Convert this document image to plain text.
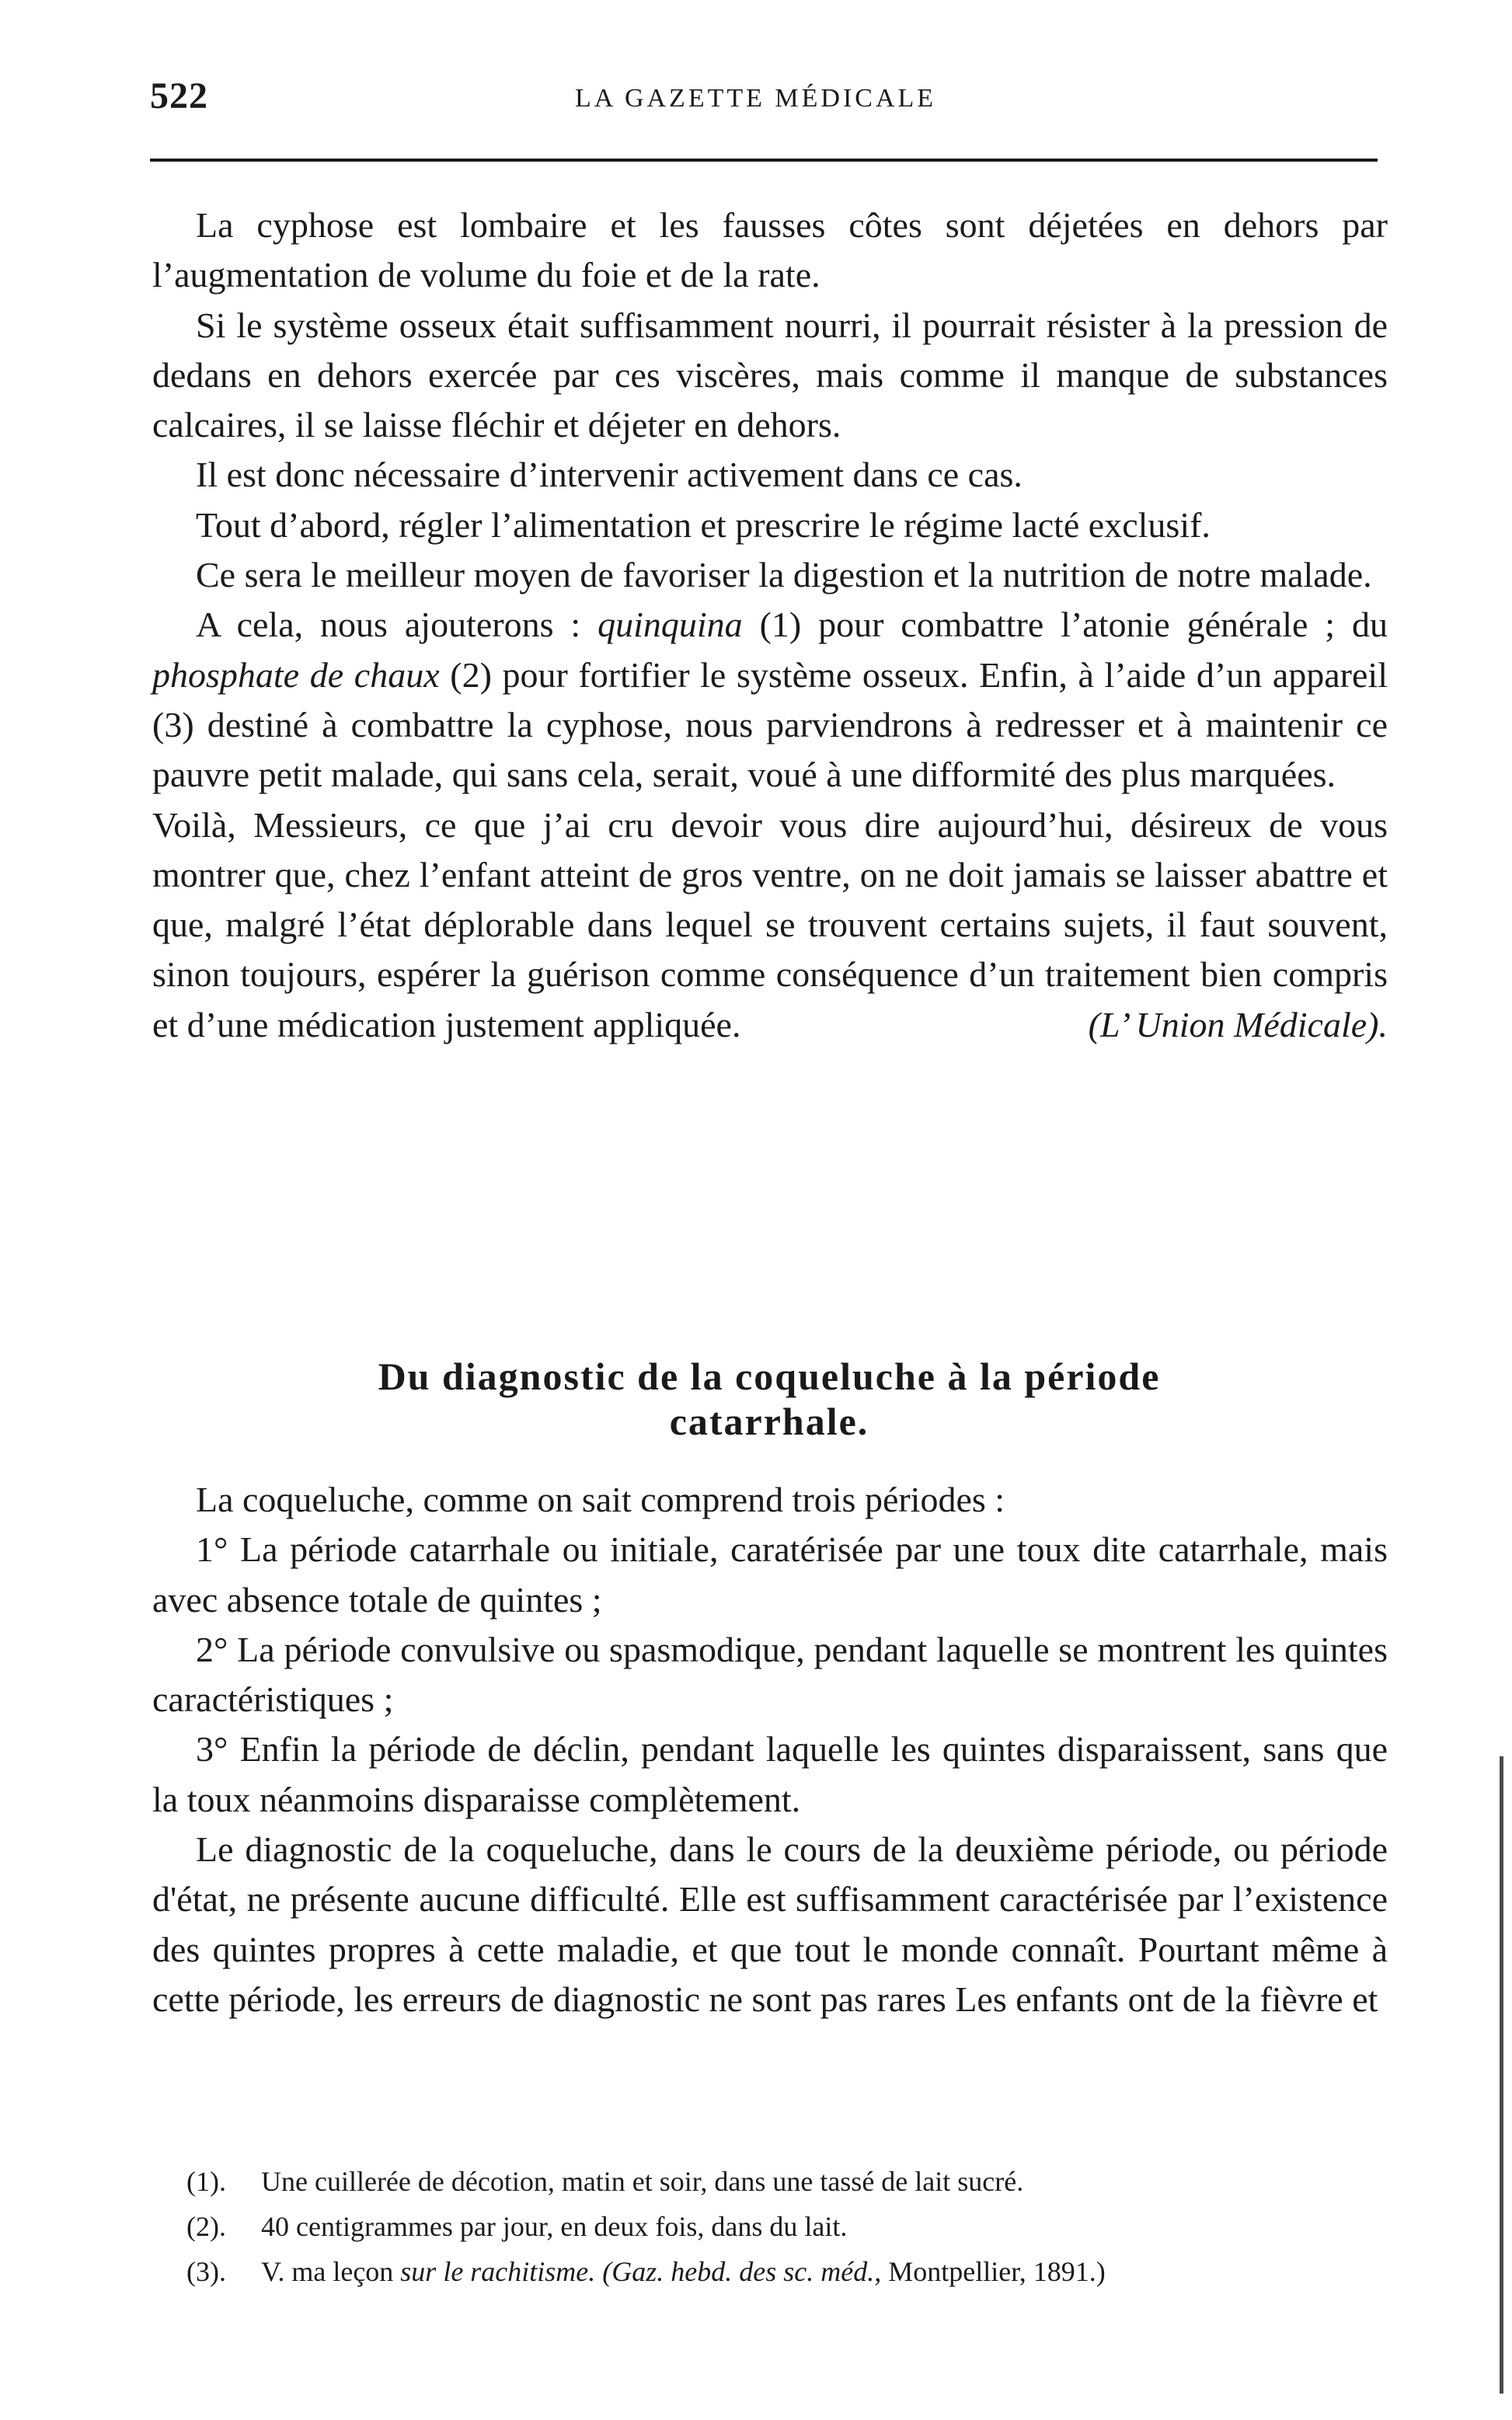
522	LA GAZETTE MÉDICALE

La cyphose est lombaire et les fausses côtes sont déjetées en dehors par l’augmentation de volume du foie et de la rate.

Si le système osseux était suffisamment nourri, il pourrait résister à la pression de dedans en dehors exercée par ces viscères, mais comme il manque de substances calcaires, il se laisse fléchir et déjeter en dehors.

Il est donc nécessaire d’intervenir activement dans ce cas.

Tout d’abord, régler l’alimentation et prescrire le régime lacté exclusif.

Ce sera le meilleur moyen de favoriser la digestion et la nutrition de notre malade.

A cela, nous ajouterons : quinquina (1) pour combattre l’atonie générale ; du phosphate de chaux (2) pour fortifier le système osseux. Enfin, à l’aide d’un appareil (3) destiné à combattre la cyphose, nous parviendrons à redresser et à maintenir ce pauvre petit malade, qui sans cela, serait, voué à une difformité des plus marquées.

Voilà, Messieurs, ce que j’ai cru devoir vous dire aujourd’hui, désireux de vous montrer que, chez l’enfant atteint de gros ventre, on ne doit jamais se laisser abattre et que, malgré l’état déplorable dans lequel se trouvent certains sujets, il faut souvent, sinon toujours, espérer la guérison comme conséquence d’un traitement bien compris et d’une médication justement appliquée.	(L’ Union Médicale).

Du diagnostic de la coqueluche à la période
catarrhale.

La coqueluche, comme on sait comprend trois périodes :

1° La période catarrhale ou initiale, caratérisée par une toux dite catarrhale, mais avec absence totale de quintes ;

2° La période convulsive ou spasmodique, pendant laquelle se montrent les quintes caractéristiques ;

3° Enfin la période de déclin, pendant laquelle les quintes disparaissent, sans que la toux néanmoins disparaisse complètement.

Le diagnostic de la coqueluche, dans le cours de la deuxième période, ou période d'état, ne présente aucune difficulté. Elle est suffisamment caractérisée par l’existence des quintes propres à cette maladie, et que tout le monde connaît. Pourtant même à cette période, les erreurs de diagnostic ne sont pas rares Les enfants ont de la fièvre et

(1). Une cuillerée de décotion, matin et soir, dans une tassé de lait sucré.
(2). 40 centigrammes par jour, en deux fois, dans du lait.
(3). V. ma leçon sur le rachitisme. (Gaz. hebd. des sc. méd., Montpellier, 1891.)
